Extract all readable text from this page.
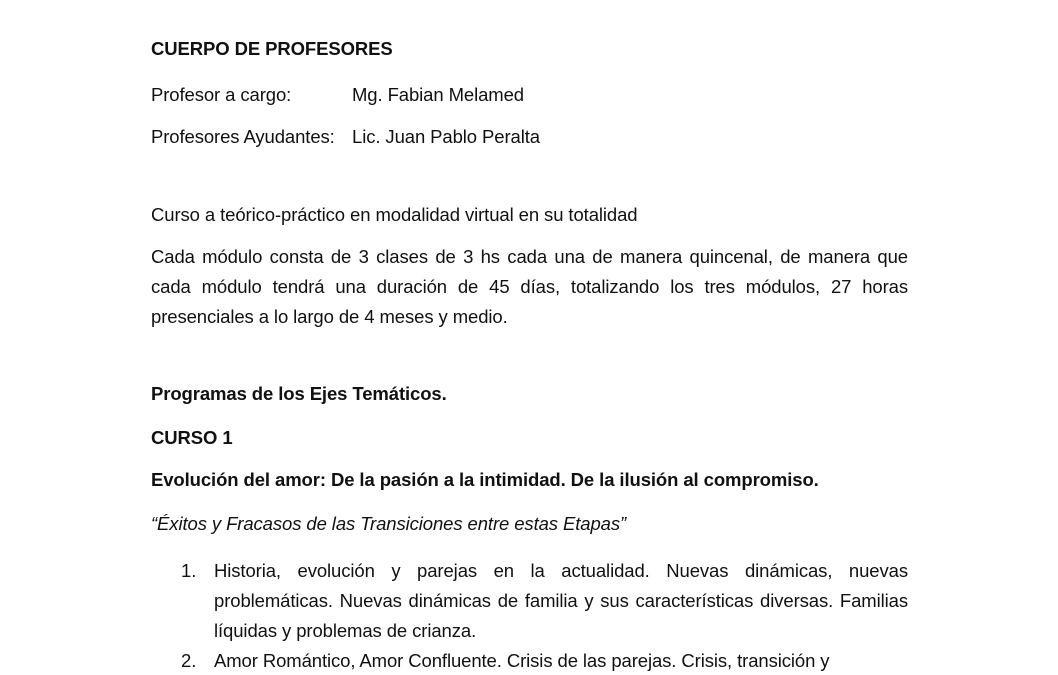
CUERPO DE PROFESORES
Profesor a cargo:	Mg. Fabian Melamed
Profesores Ayudantes: Lic. Juan Pablo Peralta
Curso a teórico-práctico en modalidad virtual en su totalidad
Cada módulo consta de 3 clases de 3 hs cada una de manera quincenal, de manera que cada módulo tendrá una duración de 45 días, totalizando los tres módulos, 27 horas presenciales a lo largo de 4 meses y medio.
Programas de los Ejes Temáticos.
CURSO 1
Evolución del amor: De la pasión a la intimidad. De la ilusión al compromiso.
“Éxitos y Fracasos de las Transiciones entre estas Etapas”
1. Historia, evolución y parejas en la actualidad. Nuevas dinámicas, nuevas problemáticas. Nuevas dinámicas de familia y sus características diversas. Familias líquidas y problemas de crianza.
2. Amor Romántico, Amor Confluente. Crisis de las parejas. Crisis, transición y
